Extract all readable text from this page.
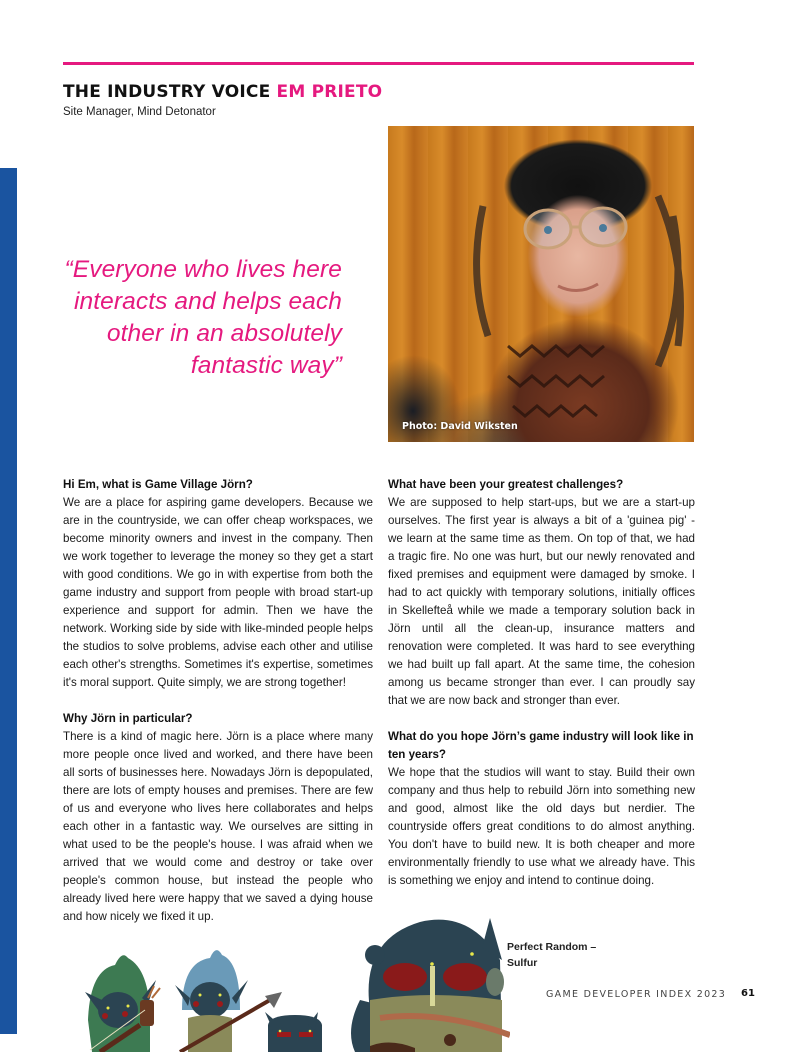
THE INDUSTRY VOICE EM PRIETO
Site Manager, Mind Detonator
“Everyone who lives here interacts and helps each other in an absolutely fantastic way”
Photo: David Wiksten

Hi Em, what is Game Village Jörn?

We are a place for aspiring game developers. Because we are in the countryside, we can offer cheap workspaces, we become minority owners and invest in the company. Then we work together to leverage the money so they get a start with good conditions. We go in with expertise from both the game industry and support from people with broad start-up experience and support for admin. Then we have the network. Working side by side with like-minded people helps the studios to solve problems, advise each other and utilise each other's strengths. Sometimes it's expertise, sometimes it's moral support. Quite simply, we are strong together!

Why Jörn in particular?

There is a kind of magic here. Jörn is a place where many more people once lived and worked, and there have been all sorts of businesses here. Nowadays Jörn is depopulated, there are lots of empty houses and premises. There are few of us and everyone who lives here collaborates and helps each other in a fantastic way. We ourselves are sitting in what used to be the people's house. I was afraid when we arrived that we would come and destroy or take over people's common house, but instead the people who already lived here were happy that we saved a dying house and how nicely we fixed it up.

What have been your greatest challenges?

We are supposed to help start-ups, but we are a start-up ourselves. The first year is always a bit of a 'guinea pig' - we learn at the same time as them. On top of that, we had a tragic fire. No one was hurt, but our newly renovated and fixed premises and equipment were damaged by smoke. I had to act quickly with temporary solutions, initially offices in Skellefteå while we made a temporary solution back in Jörn until all the clean-up, insurance matters and renovation were completed. It was hard to see everything we had built up fall apart. At the same time, the cohesion among us became stronger than ever. I can proudly say that we are now back and stronger than ever.

What do you hope Jörn’s game industry will look like in ten years?

We hope that the studios will want to stay. Build their own company and thus help to rebuild Jörn into something new and good, almost like the old days but nerdier. The countryside offers great conditions to do almost anything. You don't have to build new. It is both cheaper and more environmentally friendly to use what we already have. This is something we enjoy and intend to continue doing.

Perfect Random – Sulfur
GAME DEVELOPER INDEX 2023 61
